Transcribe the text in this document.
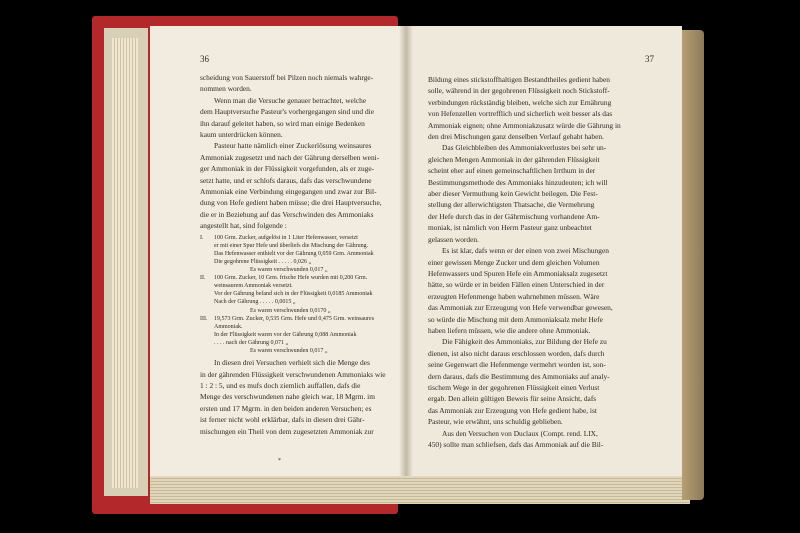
36

scheidung von Sauerstoff bei Pilzen noch niemals wahrge-

nommen worden.

Wenn man die Versuche genauer betrachtet, welche

dem Hauptversuche Pasteur's vorhergegangen sind und die

ihn darauf geleitet haben, so wird man einige Bedenken

kaum unterdrücken können.

Pasteur hatte nämlich einer Zuckerlösung weinsaures

Ammoniak zugesetzt und nach der Gährung derselben weni-

ger Ammoniak in der Flüssigkeit vorgefunden, als er zuge-

setzt hatte, und er schlofs daraus, dafs das verschwundene

Ammoniak eine Verbindung eingegangen und zwar zur Bil-

dung von Hefe gedient haben müsse; die drei Hauptversuche,

die er in Beziehung auf das Verschwinden des Ammoniaks

angestellt hat, sind folgende :

I.	100 Grm. Zucker, aufgelöst in 1 Liter Hefenwasser, versetzt
er mit einer Spur Hefe und überliefs die Mischung der Gährung.
Das Hefenwasser enthielt vor der Gährung 0,059 Grm. Ammoniak
Die gegohrene Flüssigkeit . . . . . 0,026 „
Es waren verschwunden 0,017 „
II.	100 Grm. Zucker, 10 Grm. frische Hefe wurden mit 0,200 Grm.
weinsaurem Ammoniak versetzt.
Vor der Gährung befand sich in der Flüssigkeit 0,0185 Ammoniak
Nach der Gährung . . . . . 0,0015 „
Es waren verschwunden 0,0170 „
III.	19,573 Grm. Zucker, 0,535 Grm. Hefe und 0,475 Grm. weinsaures
Ammoniak.
In der Flüssigkeit waren vor der Gährung 0,088 Ammoniak
. . . . nach der Gährung 0,071 „
Es waren verschwunden 0,017 „

In diesen drei Versuchen verhielt sich die Menge des

in der gährenden Flüssigkeit verschwundenen Ammoniaks wie

1 : 2 : 5, und es mufs doch ziemlich auffallen, dafs die

Menge des verschwundenen nahe gleich war, 18 Mgrm. im

ersten und 17 Mgrm. in den beiden anderen Versuchen; es

ist ferner nicht wohl erklärbar, dafs in diesen drei Gähr-

mischungen ein Theil von dem zugesetzten Ammoniak zur

*
37

Bildung eines stickstoffhaltigen Bestandtheiles gedient haben

solle, während in der gegohrenen Flüssigkeit noch Stickstoff-

verbindungen rückständig bleiben, welche sich zur Ernährung

von Hefenzellen vortrefflich und sicherlich weit besser als das

Ammoniak eignen; ohne Ammoniakzusatz würde die Gährung in

den drei Mischungen ganz denselben Verlauf gehabt haben.

Das Gleichbleiben des Ammoniakverlustes bei sehr un-

gleichen Mengen Ammoniak in der gährenden Flüssigkeit

scheint eher auf einen gemeinschaftlichen Irrthum in der

Bestimmungsmethode des Ammoniaks hinzudeuten; ich will

aber dieser Vermuthung kein Gewicht beilegen. Die Fest-

stellung der allerwichtigsten Thatsache, die Vermehrung

der Hefe durch das in der Gährmischung vorhandene Am-

moniak, ist nämlich von Herrn Pasteur ganz unbeachtet

gelassen worden.

Es ist klar, dafs wenn er der einen von zwei Mischungen

einer gewissen Menge Zucker und dem gleichen Volumen

Hefenwassers und Spuren Hefe ein Ammoniaksalz zugesetzt

hätte, so würde er in beiden Fällen einen Unterschied in der

erzeugten Hefenmenge haben wahrnehmen müssen. Wäre

das Ammoniak zur Erzeugung von Hefe verwendbar gewesen,

so würde die Mischung mit dem Ammoniaksalz mehr Hefe

haben liefern müssen, wie die andere ohne Ammoniak.

Die Fähigkeit des Ammoniaks, zur Bildung der Hefe zu

dienen, ist also nicht daraus erschlossen worden, dafs durch

seine Gegenwart die Hefenmenge vermehrt worden ist, son-

dern daraus, dafs die Bestimmung des Ammoniaks auf analy-

tischem Wege in der gegohrenen Flüssigkeit einen Verlust

ergab. Den allein gültigen Beweis für seine Ansicht, dafs

das Ammoniak zur Erzeugung von Hefe gedient habe, ist

Pasteur, wie erwähnt, uns schuldig geblieben.

Aus den Versuchen von Duclaux (Compt. rend. LIX,

450) sollte man schliefsen, dafs das Ammoniak auf die Bil-
